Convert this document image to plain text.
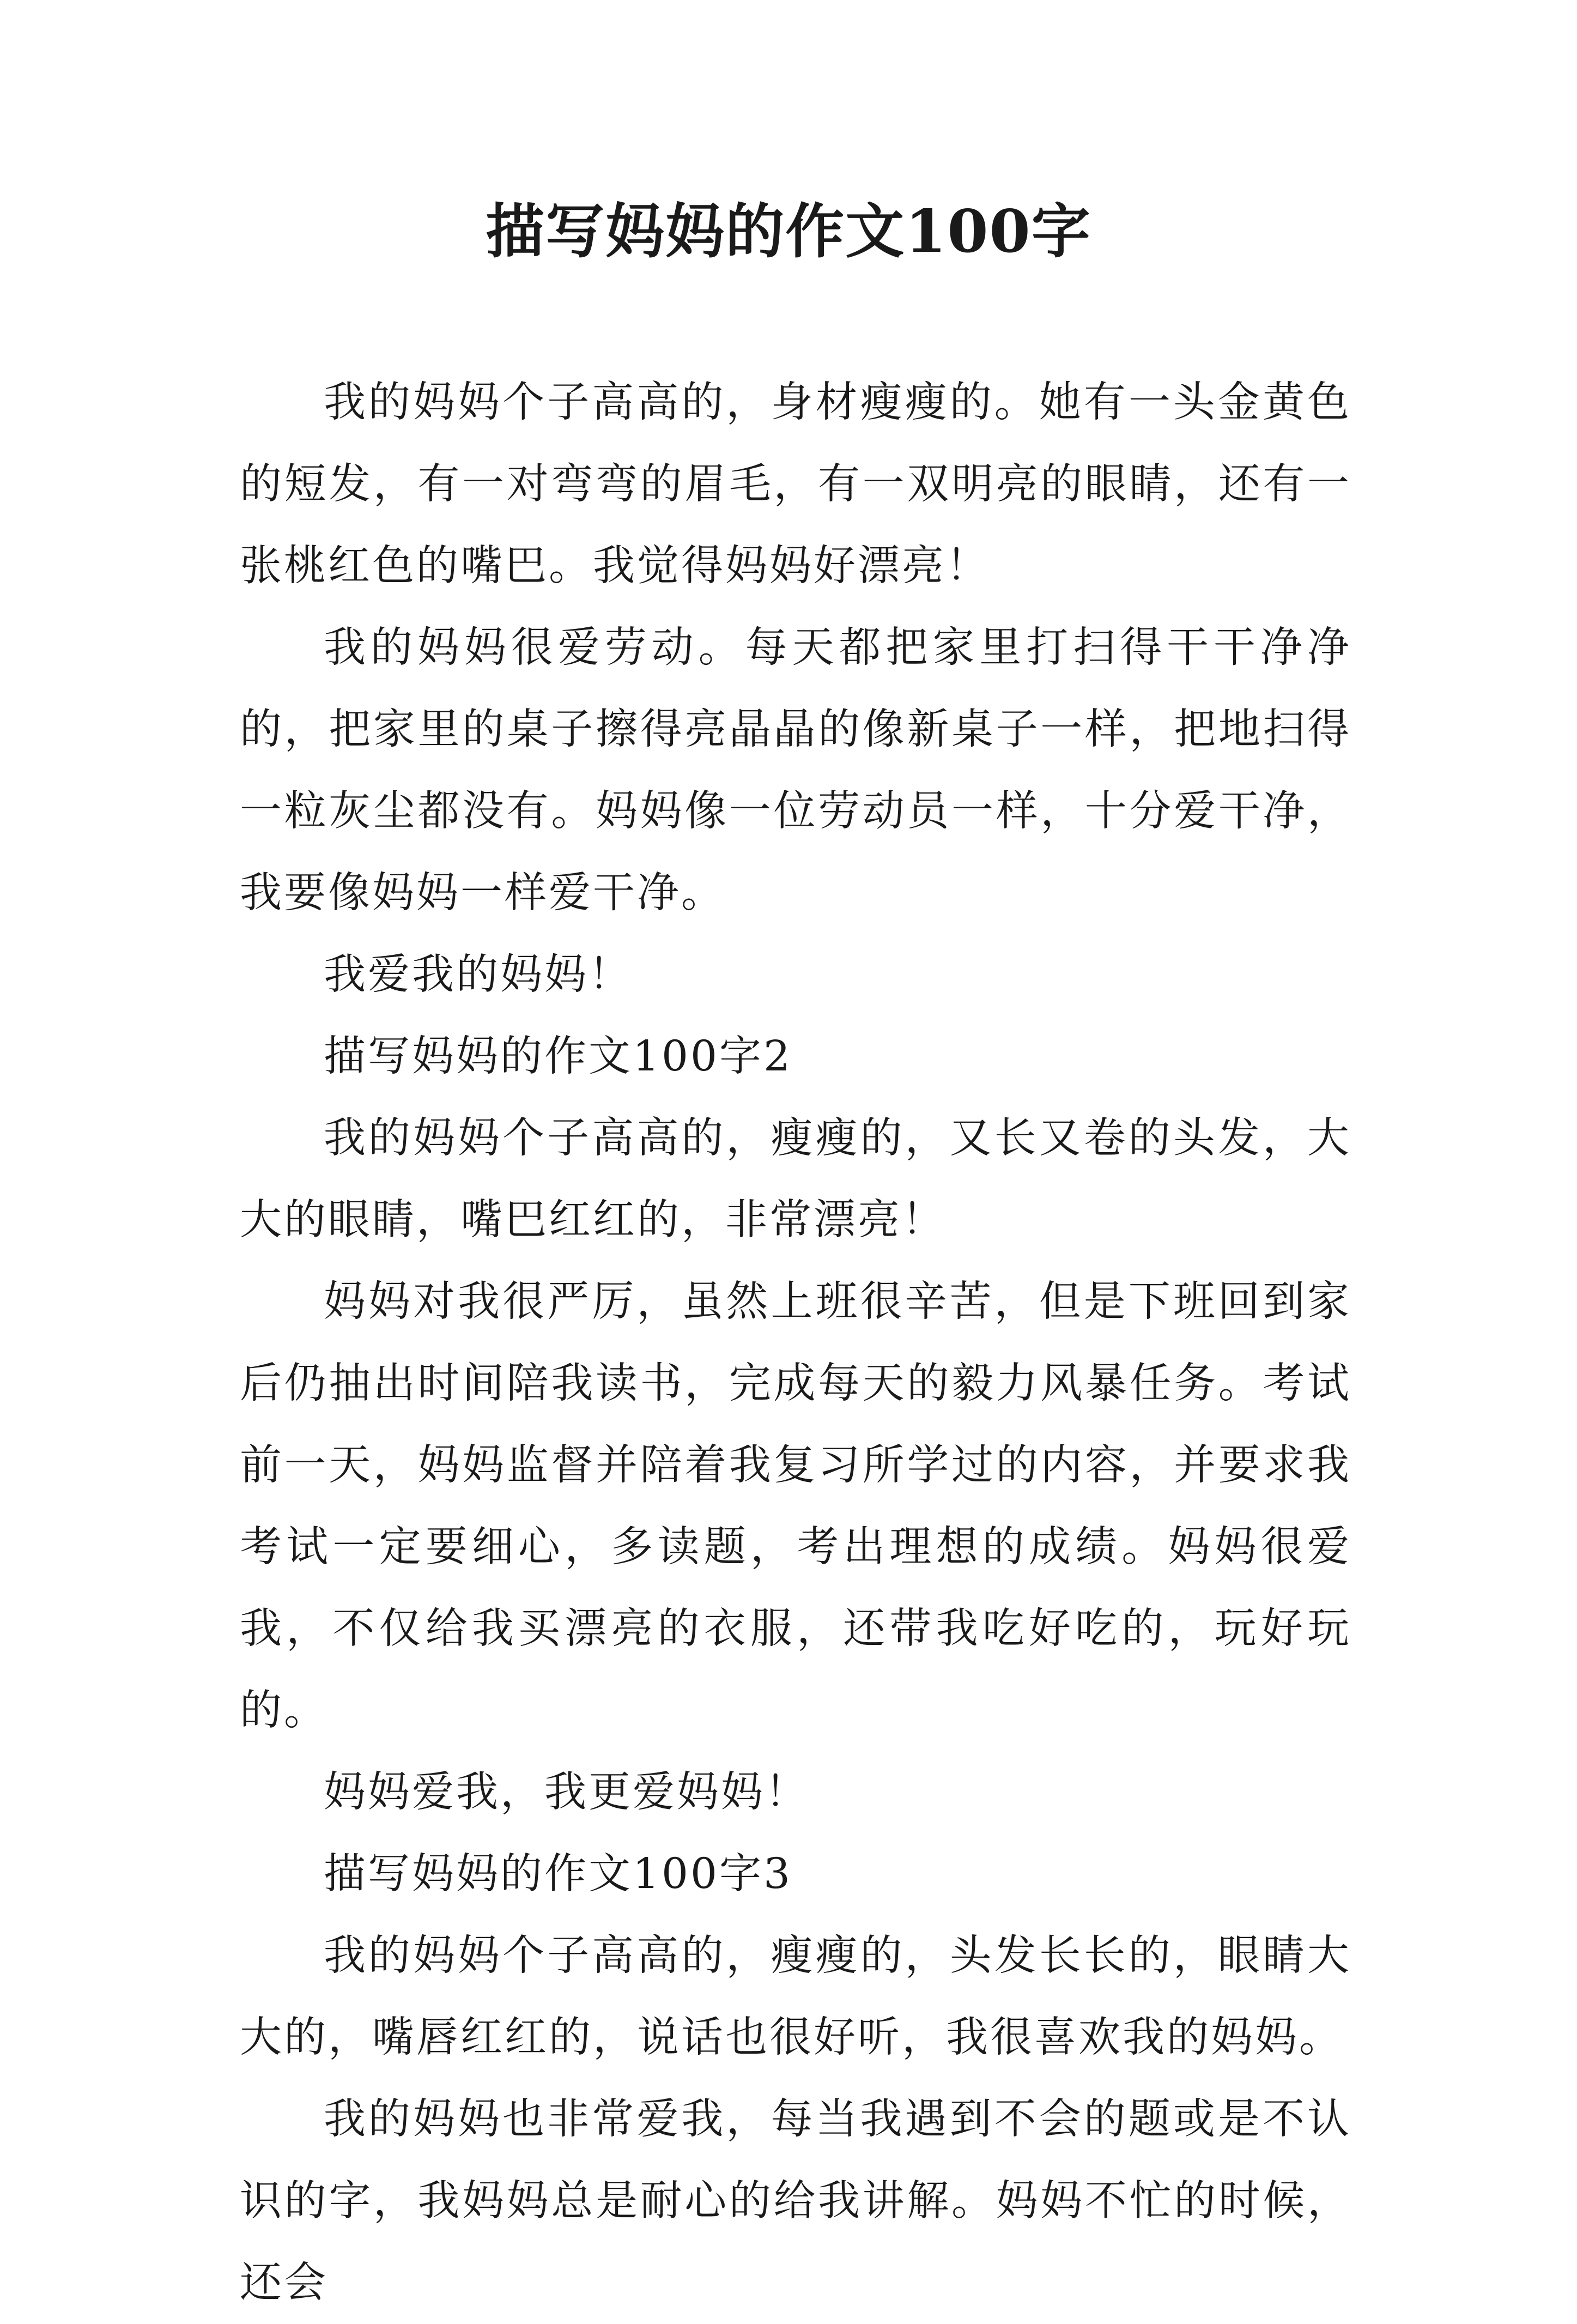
描写妈妈的作文100字

我的妈妈个子高高的，身材瘦瘦的。她有一头金黄色的短发，有一对弯弯的眉毛，有一双明亮的眼睛，还有一张桃红色的嘴巴。我觉得妈妈好漂亮！

我的妈妈很爱劳动。每天都把家里打扫得干干净净的，把家里的桌子擦得亮晶晶的像新桌子一样，把地扫得一粒灰尘都没有。妈妈像一位劳动员一样，十分爱干净，我要像妈妈一样爱干净。

我爱我的妈妈！

描写妈妈的作文100字2

我的妈妈个子高高的，瘦瘦的，又长又卷的头发，大大的眼睛，嘴巴红红的，非常漂亮！

妈妈对我很严厉，虽然上班很辛苦，但是下班回到家后仍抽出时间陪我读书，完成每天的毅力风暴任务。考试前一天，妈妈监督并陪着我复习所学过的内容，并要求我考试一定要细心，多读题，考出理想的成绩。妈妈很爱我，不仅给我买漂亮的衣服，还带我吃好吃的，玩好玩的。

妈妈爱我，我更爱妈妈！

描写妈妈的作文100字3

我的妈妈个子高高的，瘦瘦的，头发长长的，眼睛大大的，嘴唇红红的，说话也很好听，我很喜欢我的妈妈。

我的妈妈也非常爱我，每当我遇到不会的题或是不认识的字，我妈妈总是耐心的给我讲解。妈妈不忙的时候，还会
